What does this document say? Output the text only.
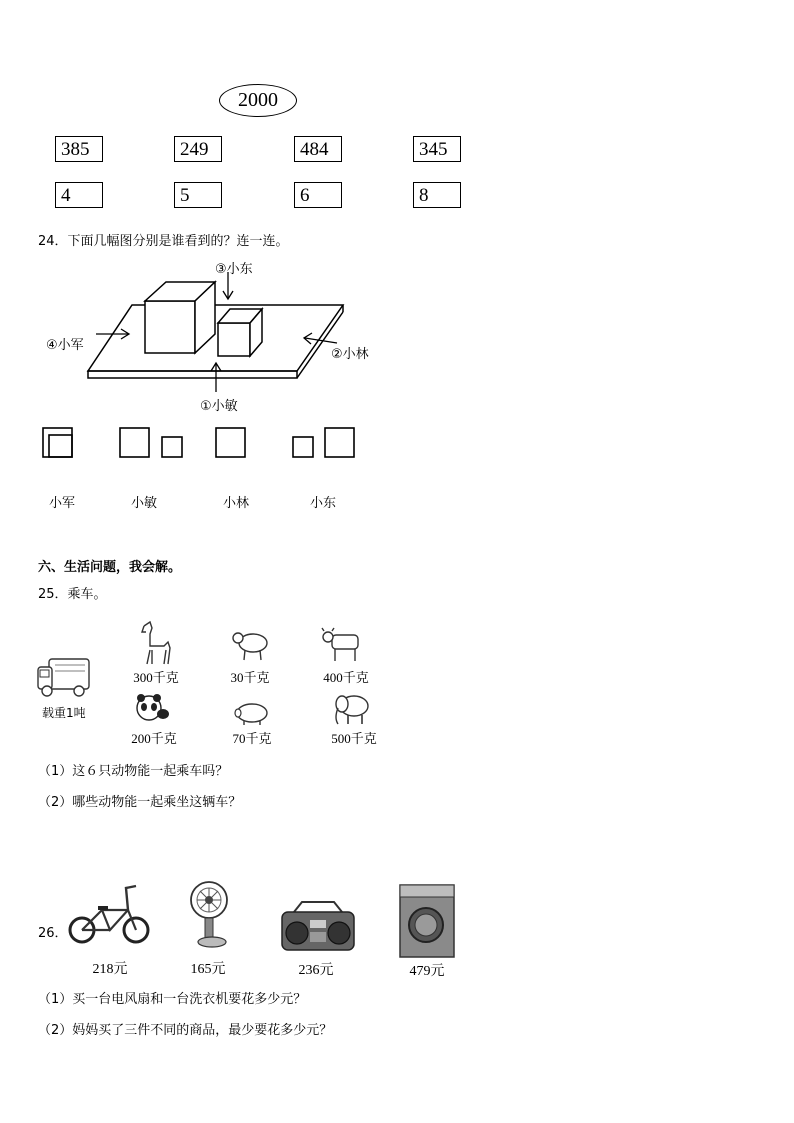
2000
385	249	484	345
4	5	6	8
24．下面几幅图分别是谁看到的？连一连。
③小东
④小军
②小林
①小敏
小军	小敏	小林	小东
六、生活问题，我会解。
25．乘车。
载重1吨
300千克	30千克	400千克
200千克	70千克	500千克
（1）这６只动物能一起乘车吗？
（2）哪些动物能一起乘坐这辆车？
26．
218元	165元	236元	479元
（1）买一台电风扇和一台洗衣机要花多少元？
（2）妈妈买了三件不同的商品，最少要花多少元？
